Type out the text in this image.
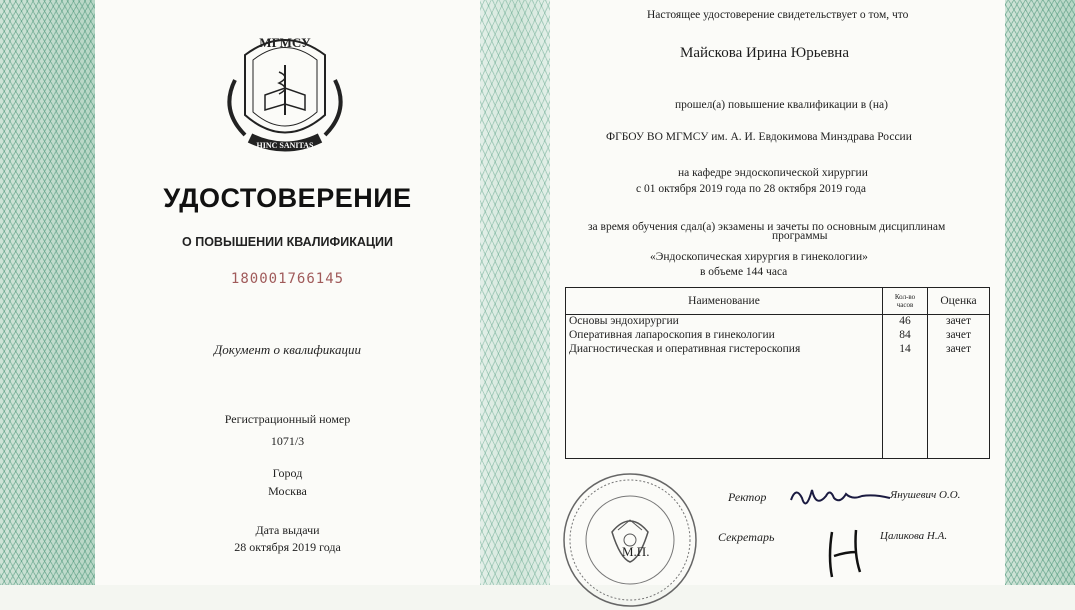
МГМСУ
HINC SANITAS
УДОСТОВЕРЕНИЕ
О ПОВЫШЕНИИ КВАЛИФИКАЦИИ
180001766145
Документ о квалификации
Регистрационный номер
1071/3
Город
Москва
Дата выдачи
28 октября 2019 года
Настоящее удостоверение свидетельствует о том, что
Майскова Ирина Юрьевна
прошел(а) повышение квалификации в (на)
ФГБОУ ВО МГМСУ им. А. И. Евдокимова Минздрава России
на кафедре эндоскопической хирургии
с 01 октября 2019 года по 28 октября 2019 года
за время обучения сдал(а) экзамены и зачеты по основным дисциплинам
программы
«Эндоскопическая хирургия в гинекологии»
в объеме 144 часа
Наименование	Кол-во часов	Оценка
Основы эндохирургии	46	зачет
Оперативная лапароскопия в гинекологии	84	зачет
Диагностическая и оперативная гистероскопия	14	зачет

М.П.
Ректор	Янушевич О.О.
Секретарь	Цаликова Н.А.
